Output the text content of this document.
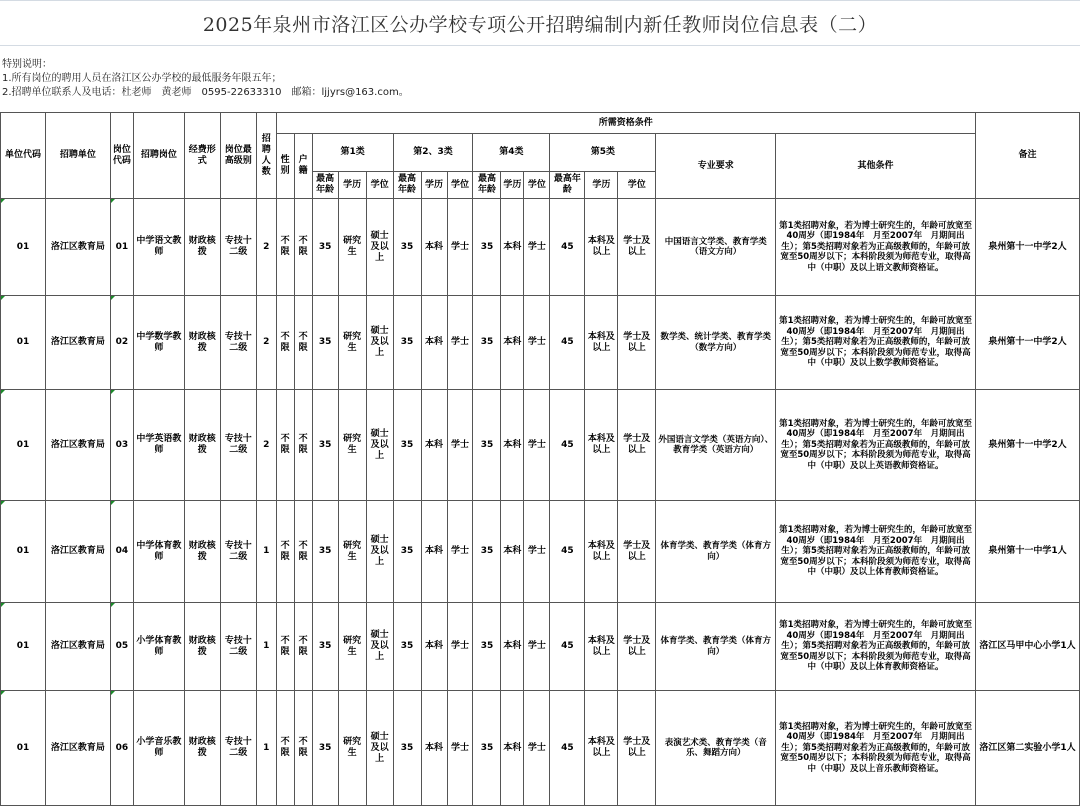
2025年泉州市洛江区公办学校专项公开招聘编制内新任教师岗位信息表（二）
特别说明：
1.所有岗位的聘用人员在洛江区公办学校的最低服务年限五年；
2.招聘单位联系人及电话：杜老师　黄老师　0595-22633310　邮箱：ljjyrs@163.com。
单位代码	招聘单位	岗位代码	招聘岗位	经费形式	岗位最高级别	招聘人数	所需资格条件																备注
							性别	户籍	第1类			第2、3类			第4类			第5类			专业要求	其他条件	
									最高年龄	学历	学位	最高年龄	学历	学位	最高年龄	学历	学位	最高年龄	学历	学位			
01	洛江区教育局	01	中学语文教师	财政核拨	专技十二级	2	不限	不限	35	研究生	硕士及以上	35	本科	学士	35	本科	学士	45	本科及以上	学士及以上	中国语言文学类、教育学类（语文方向）	第1类招聘对象，若为博士研究生的，年龄可放宽至40周岁（即1984年　月至2007年　月期间出生）；第5类招聘对象若为正高级教师的，年龄可放宽至50周岁以下；本科阶段须为师范专业，取得高中（中职）及以上语文教师资格证。	泉州第十一中学2人
01	洛江区教育局	02	中学数学教师	财政核拨	专技十二级	2	不限	不限	35	研究生	硕士及以上	35	本科	学士	35	本科	学士	45	本科及以上	学士及以上	数学类、统计学类、教育学类（数学方向）	第1类招聘对象，若为博士研究生的，年龄可放宽至40周岁（即1984年　月至2007年　月期间出生）；第5类招聘对象若为正高级教师的，年龄可放宽至50周岁以下；本科阶段须为师范专业，取得高中（中职）及以上数学教师资格证。	泉州第十一中学2人
01	洛江区教育局	03	中学英语教师	财政核拨	专技十二级	2	不限	不限	35	研究生	硕士及以上	35	本科	学士	35	本科	学士	45	本科及以上	学士及以上	外国语言文学类（英语方向）、教育学类（英语方向）	第1类招聘对象，若为博士研究生的，年龄可放宽至40周岁（即1984年　月至2007年　月期间出生）；第5类招聘对象若为正高级教师的，年龄可放宽至50周岁以下；本科阶段须为师范专业，取得高中（中职）及以上英语教师资格证。	泉州第十一中学2人
01	洛江区教育局	04	中学体育教师	财政核拨	专技十二级	1	不限	不限	35	研究生	硕士及以上	35	本科	学士	35	本科	学士	45	本科及以上	学士及以上	体育学类、教育学类（体育方向）	第1类招聘对象，若为博士研究生的，年龄可放宽至40周岁（即1984年　月至2007年　月期间出生）；第5类招聘对象若为正高级教师的，年龄可放宽至50周岁以下；本科阶段须为师范专业，取得高中（中职）及以上体育教师资格证。	泉州第十一中学1人
01	洛江区教育局	05	小学体育教师	财政核拨	专技十二级	1	不限	不限	35	研究生	硕士及以上	35	本科	学士	35	本科	学士	45	本科及以上	学士及以上	体育学类、教育学类（体育方向）	第1类招聘对象，若为博士研究生的，年龄可放宽至40周岁（即1984年　月至2007年　月期间出生）；第5类招聘对象若为正高级教师的，年龄可放宽至50周岁以下；本科阶段须为师范专业，取得高中（中职）及以上体育教师资格证。	洛江区马甲中心小学1人
01	洛江区教育局	06	小学音乐教师	财政核拨	专技十二级	1	不限	不限	35	研究生	硕士及以上	35	本科	学士	35	本科	学士	45	本科及以上	学士及以上	表演艺术类、教育学类（音乐、舞蹈方向）	第1类招聘对象，若为博士研究生的，年龄可放宽至40周岁（即1984年　月至2007年　月期间出生）；第5类招聘对象若为正高级教师的，年龄可放宽至50周岁以下；本科阶段须为师范专业，取得高中（中职）及以上音乐教师资格证。	洛江区第二实验小学1人
